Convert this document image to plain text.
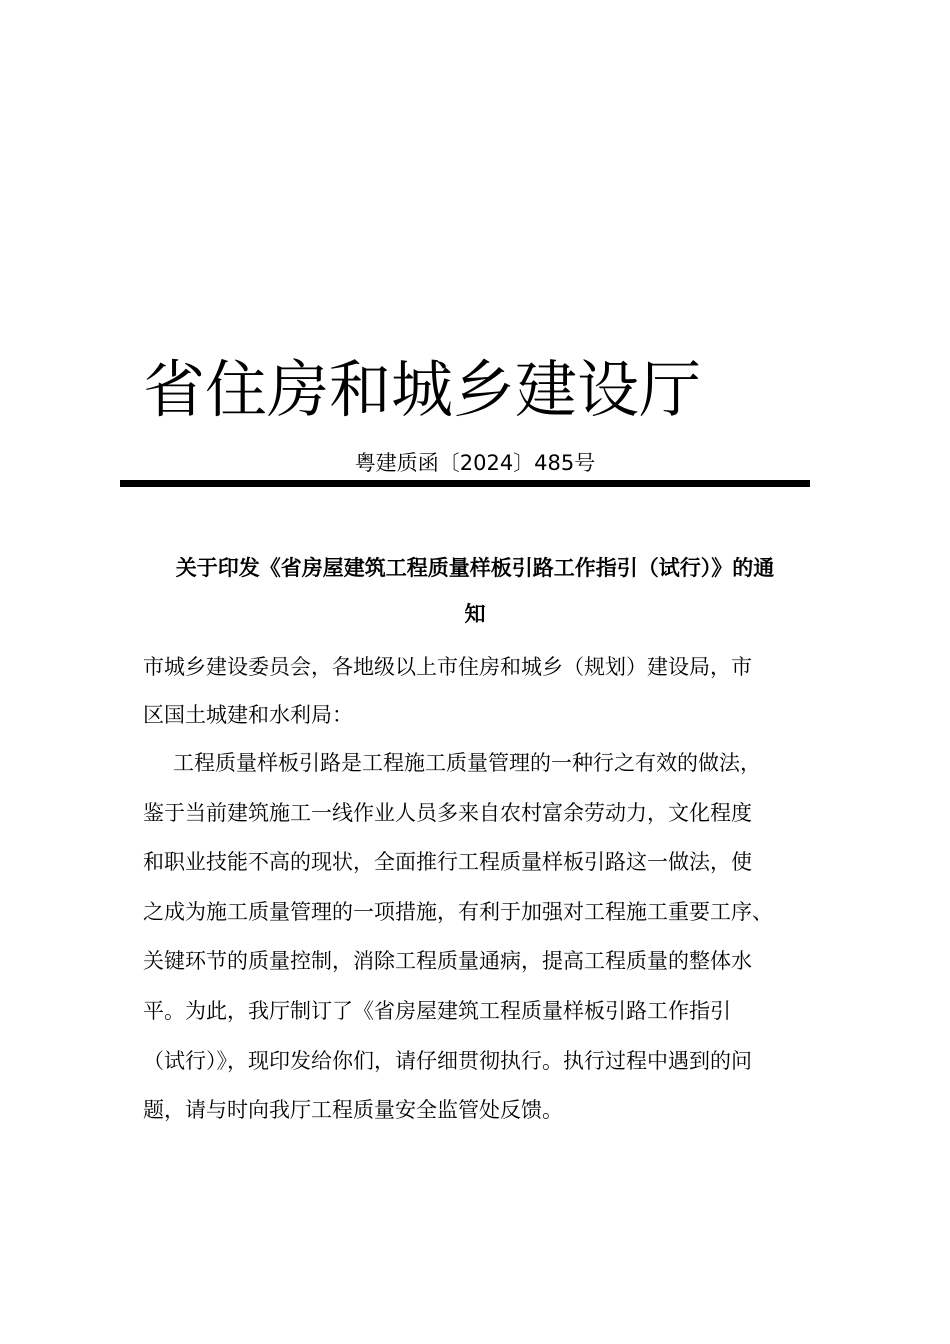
省住房和城乡建设厅
粤建质函〔2024〕485号
关于印发《省房屋建筑工程质量样板引路工作指引（试行）》的通
知
市城乡建设委员会，各地级以上市住房和城乡（规划）建设局，市
区国土城建和水利局：
工程质量样板引路是工程施工质量管理的一种行之有效的做法，
鉴于当前建筑施工一线作业人员多来自农村富余劳动力，文化程度
和职业技能不高的现状，全面推行工程质量样板引路这一做法，使
之成为施工质量管理的一项措施，有利于加强对工程施工重要工序、
关键环节的质量控制，消除工程质量通病，提高工程质量的整体水
平。为此，我厅制订了《省房屋建筑工程质量样板引路工作指引
（试行）》，现印发给你们，请仔细贯彻执行。执行过程中遇到的问
题，请与时向我厅工程质量安全监管处反馈。
